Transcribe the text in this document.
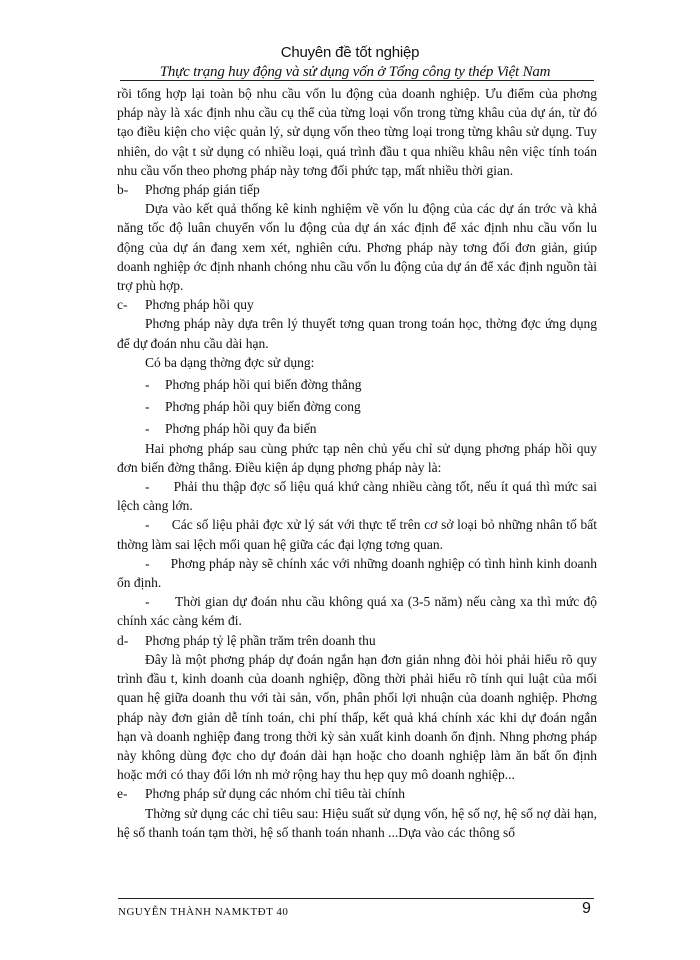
Chuyên đề tốt nghiệp
Thực trạng huy động và sử dụng vốn ở Tổng công ty thép Việt Nam

rồi tổng hợp lại toàn bộ nhu cầu vốn lu động của doanh nghiệp. Ưu điểm của phơng pháp này là xác định nhu cầu cụ thể của từng loại vốn trong từng khâu của dự án, từ đó tạo điều kiện cho việc quản lý, sử dụng vốn theo từng loại trong từng khâu sử dụng. Tuy nhiên, do vật t sử dụng có nhiều loại, quá trình đầu t qua nhiều khâu nên việc tính toán nhu cầu vốn theo phơng pháp này tơng đối phức tạp, mất nhiều thời gian.

b-	Phơng pháp gián tiếp

Dựa vào kết quả thống kê kinh nghiệm về vốn lu động của các dự án trớc và khả năng tốc độ luân chuyển vốn lu động của dự án xác định để xác định nhu cầu vốn lu động của dự án đang xem xét, nghiên cứu. Phơng pháp này tơng đối đơn giản, giúp doanh nghiệp ớc định nhanh chóng nhu cầu vốn lu động của dự án để xác định nguồn tài trợ phù hợp.

c-	Phơng pháp hồi quy

Phơng pháp này dựa trên lý thuyết tơng quan trong toán học, thờng đợc ứng dụng để dự đoán nhu cầu dài hạn.

Có ba dạng thờng đợc sử dụng:

-	Phơng pháp hồi qui biến đờng thẳng
-	Phơng pháp hồi quy biến đờng cong
-	Phơng pháp hồi quy đa biến

Hai phơng pháp sau cùng phức tạp nên chủ yếu chỉ sử dụng phơng pháp hồi quy đơn biến đờng thẳng. Điều kiện áp dụng phơng pháp này là:

- Phải thu thập đợc số liệu quá khứ càng nhiều càng tốt, nếu ít quá thì mức sai lệch càng lớn.

- Các số liệu phải đợc xử lý sát với thực tế trên cơ sở loại bỏ những nhân tố bất thờng làm sai lệch mối quan hệ giữa các đại lợng tơng quan.

- Phơng pháp này sẽ chính xác với những doanh nghiệp có tình hình kinh doanh ổn định.

- Thời gian dự đoán nhu cầu không quá xa (3-5 năm) nếu càng xa thì mức độ chính xác càng kém đi.

d-	Phơng pháp tỷ lệ phần trăm trên doanh thu

Đây là một phơng pháp dự đoán ngắn hạn đơn giản nhng đòi hỏi phải hiểu rõ quy trình đầu t, kinh doanh của doanh nghiệp, đồng thời phải hiểu rõ tính qui luật của mối quan hệ giữa doanh thu với tài sản, vốn, phân phối lợi nhuận của doanh nghiệp. Phơng pháp này đơn giản dễ tính toán, chi phí thấp, kết quả khá chính xác khi dự đoán ngắn hạn và doanh nghiệp đang trong thời kỳ sản xuất kinh doanh ổn định. Nhng phơng pháp này không dùng đợc cho dự đoán dài hạn hoặc cho doanh nghiệp làm ăn bất ổn định hoặc mới có thay đổi lớn nh mở rộng hay thu hẹp quy mô doanh nghiệp...

e-	Phơng pháp sử dụng các nhóm chỉ tiêu tài chính

Thờng sử dụng các chỉ tiêu sau: Hiệu suất sử dụng vốn, hệ số nợ, hệ số nợ dài hạn, hệ số thanh toán tạm thời, hệ số thanh toán nhanh ...Dựa vào các thông số

NGUYỄN THÀNH NAM KTĐT 40	9
